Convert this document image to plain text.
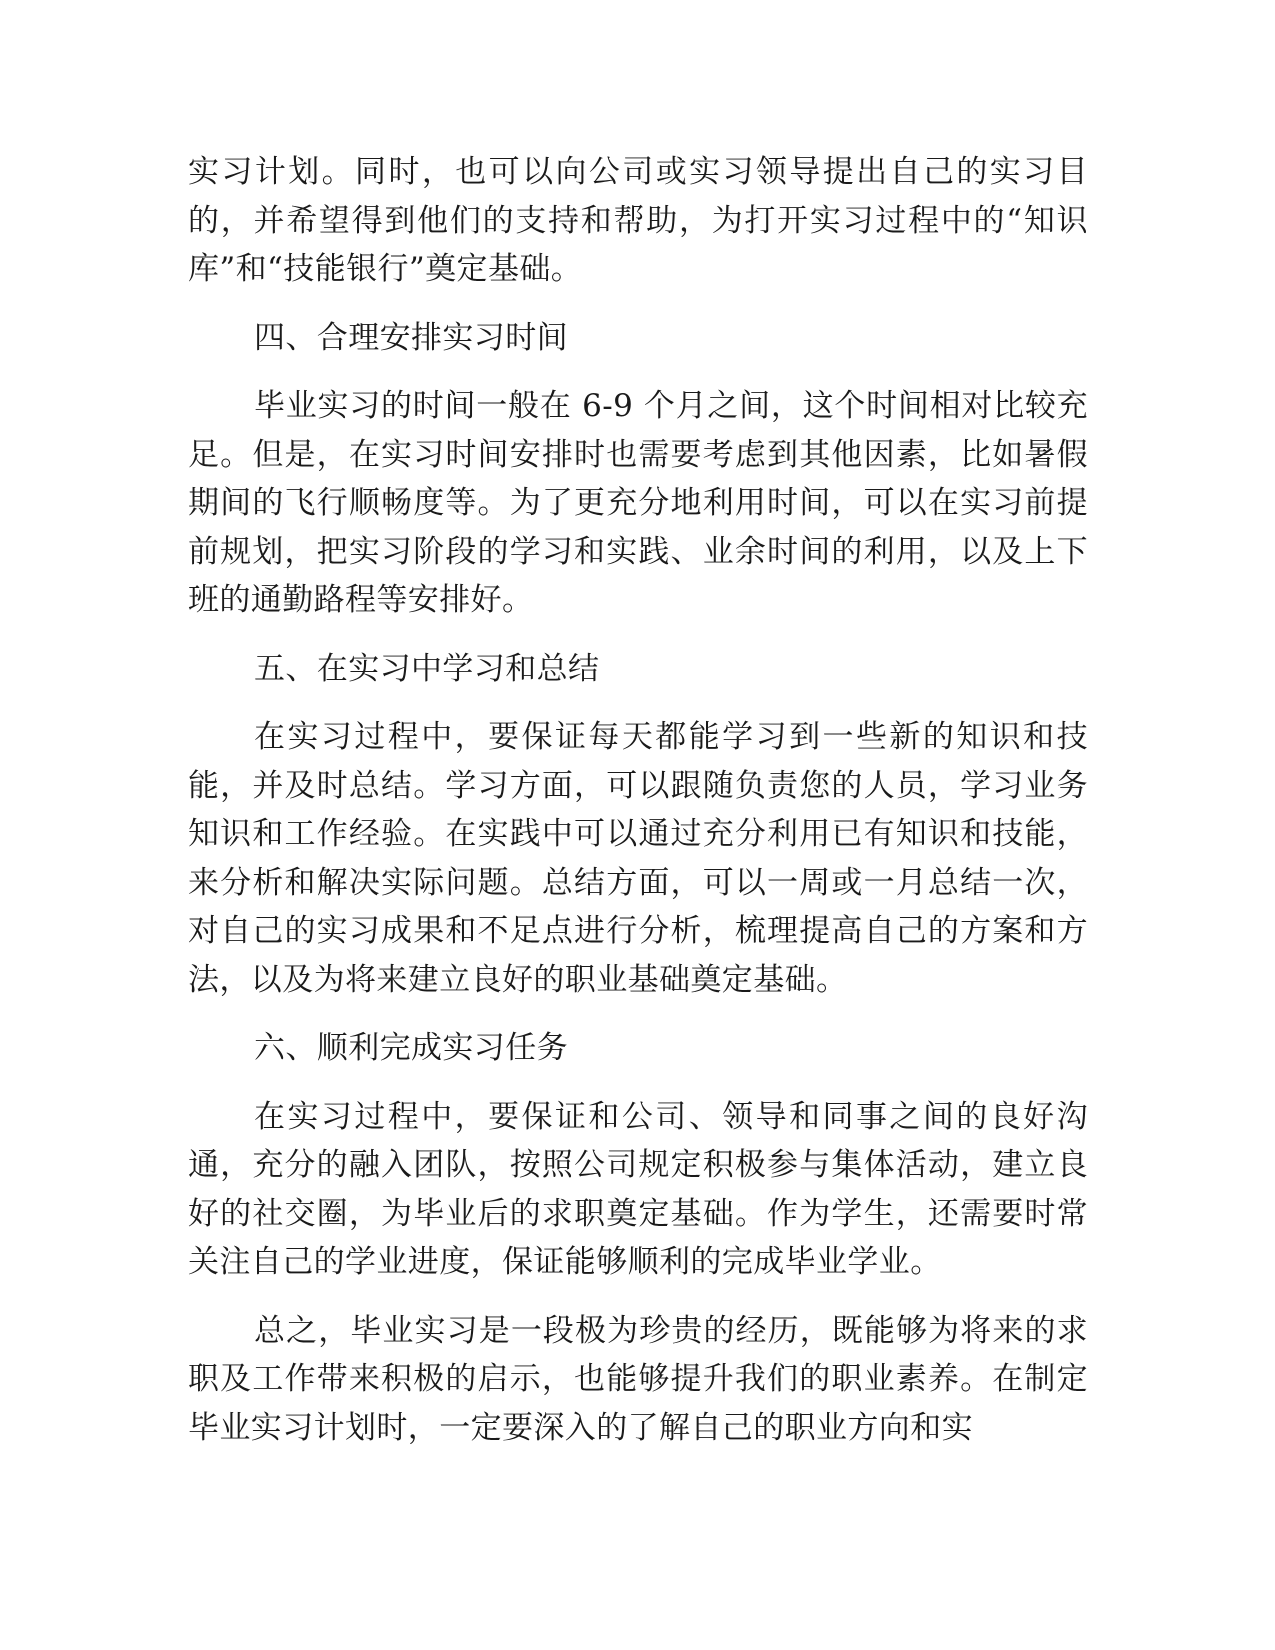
实习计划。同时，也可以向公司或实习领导提出自己的实习目的，并希望得到他们的支持和帮助，为打开实习过程中的“知识库”和“技能银行”奠定基础。

四、合理安排实习时间

毕业实习的时间一般在 6-9 个月之间，这个时间相对比较充足。但是，在实习时间安排时也需要考虑到其他因素，比如暑假期间的飞行顺畅度等。为了更充分地利用时间，可以在实习前提前规划，把实习阶段的学习和实践、业余时间的利用，以及上下班的通勤路程等安排好。

五、在实习中学习和总结

在实习过程中，要保证每天都能学习到一些新的知识和技能，并及时总结。学习方面，可以跟随负责您的人员，学习业务知识和工作经验。在实践中可以通过充分利用已有知识和技能，来分析和解决实际问题。总结方面，可以一周或一月总结一次，对自己的实习成果和不足点进行分析，梳理提高自己的方案和方法，以及为将来建立良好的职业基础奠定基础。

六、顺利完成实习任务

在实习过程中，要保证和公司、领导和同事之间的良好沟通，充分的融入团队，按照公司规定积极参与集体活动，建立良好的社交圈，为毕业后的求职奠定基础。作为学生，还需要时常关注自己的学业进度，保证能够顺利的完成毕业学业。

总之，毕业实习是一段极为珍贵的经历，既能够为将来的求职及工作带来积极的启示，也能够提升我们的职业素养。在制定毕业实习计划时，一定要深入的了解自己的职业方向和实
